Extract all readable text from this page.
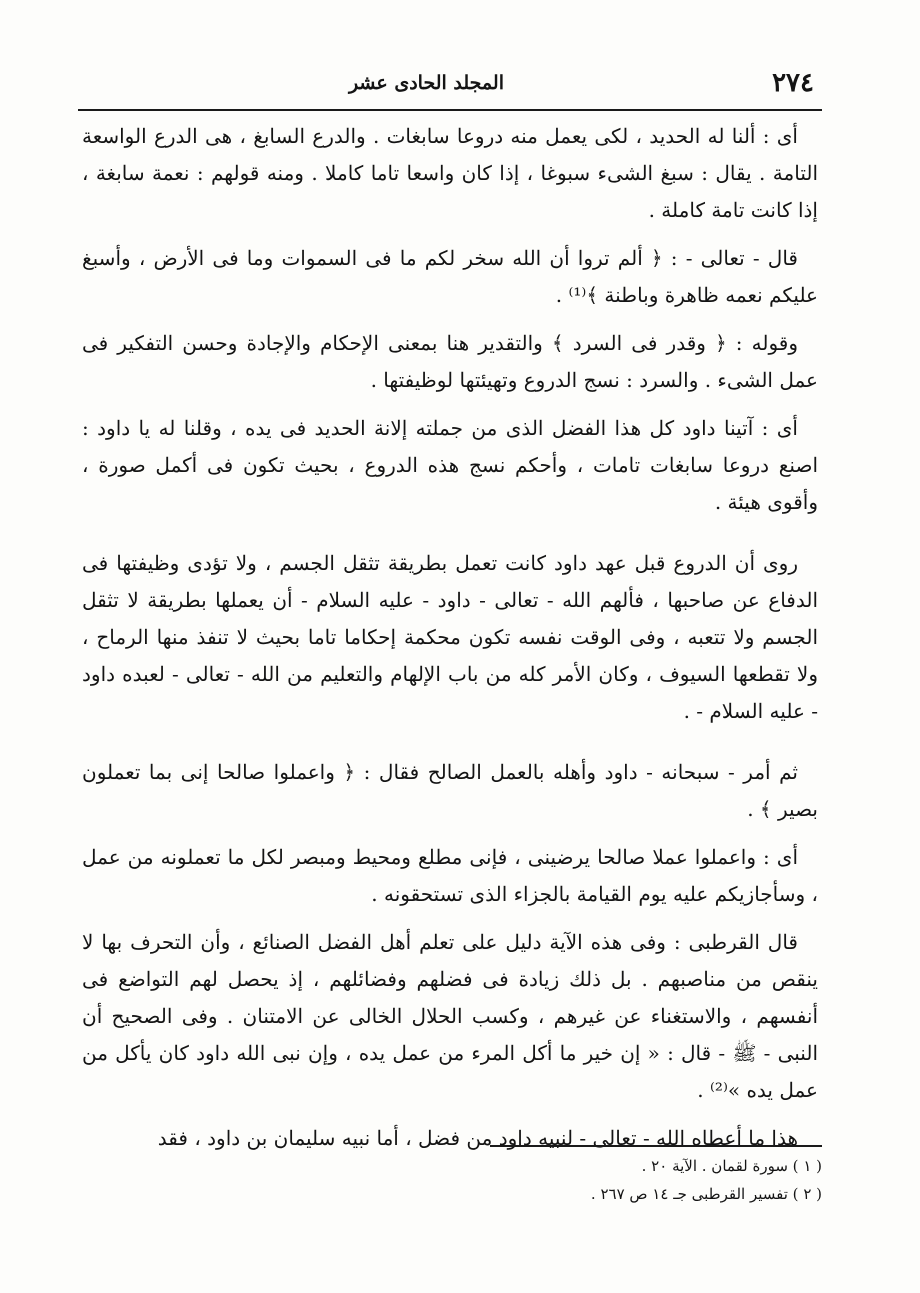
٢٧٤
المجلد الحادى عشر

أى : ألنا له الحديد ، لكى يعمل منه دروعا سابغات . والدرع السابغ ، هى الدرع الواسعة التامة . يقال : سبغ الشىء سبوغا ، إذا كان واسعا تاما كاملا . ومنه قولهم : نعمة سابغة ، إذا كانت تامة كاملة .

قال - تعالى - : ﴿ ألم تروا أن الله سخر لكم ما فى السموات وما فى الأرض ، وأسبغ عليكم نعمه ظاهرة وباطنة ﴾⁽¹⁾ .

وقوله : ﴿ وقدر فى السرد ﴾ والتقدير هنا بمعنى الإحكام والإجادة وحسن التفكير فى عمل الشىء . والسرد : نسج الدروع وتهيئتها لوظيفتها .

أى : آتينا داود كل هذا الفضل الذى من جملته إلانة الحديد فى يده ، وقلنا له يا داود : اصنع دروعا سابغات تامات ، وأحكم نسج هذه الدروع ، بحيث تكون فى أكمل صورة ، وأقوى هيئة .

روى أن الدروع قبل عهد داود كانت تعمل بطريقة تثقل الجسم ، ولا تؤدى وظيفتها فى الدفاع عن صاحبها ، فألهم الله - تعالى - داود - عليه السلام - أن يعملها بطريقة لا تثقل الجسم ولا تتعبه ، وفى الوقت نفسه تكون محكمة إحكاما تاما بحيث لا تنفذ منها الرماح ، ولا تقطعها السيوف ، وكان الأمر كله من باب الإلهام والتعليم من الله - تعالى - لعبده داود - عليه السلام - .

ثم أمر - سبحانه - داود وأهله بالعمل الصالح فقال : ﴿ واعملوا صالحا إنى بما تعملون بصير ﴾ .

أى : واعملوا عملا صالحا يرضينى ، فإنى مطلع ومحيط ومبصر لكل ما تعملونه من عمل ، وسأجازيكم عليه يوم القيامة بالجزاء الذى تستحقونه .

قال القرطبى : وفى هذه الآية دليل على تعلم أهل الفضل الصنائع ، وأن التحرف بها لا ينقص من مناصبهم . بل ذلك زيادة فى فضلهم وفضائلهم ، إذ يحصل لهم التواضع فى أنفسهم ، والاستغناء عن غيرهم ، وكسب الحلال الخالى عن الامتنان . وفى الصحيح أن النبى - ﷺ - قال : « إن خير ما أكل المرء من عمل يده ، وإن نبى الله داود كان يأكل من عمل يده »⁽²⁾ .

هذا ما أعطاه الله - تعالى - لنبيه داود من فضل ، أما نبيه سليمان بن داود ، فقد

( ١ ) سورة لقمان . الآية ٢٠ .
( ٢ ) تفسير القرطبى جـ ١٤ ص ٢٦٧ .
